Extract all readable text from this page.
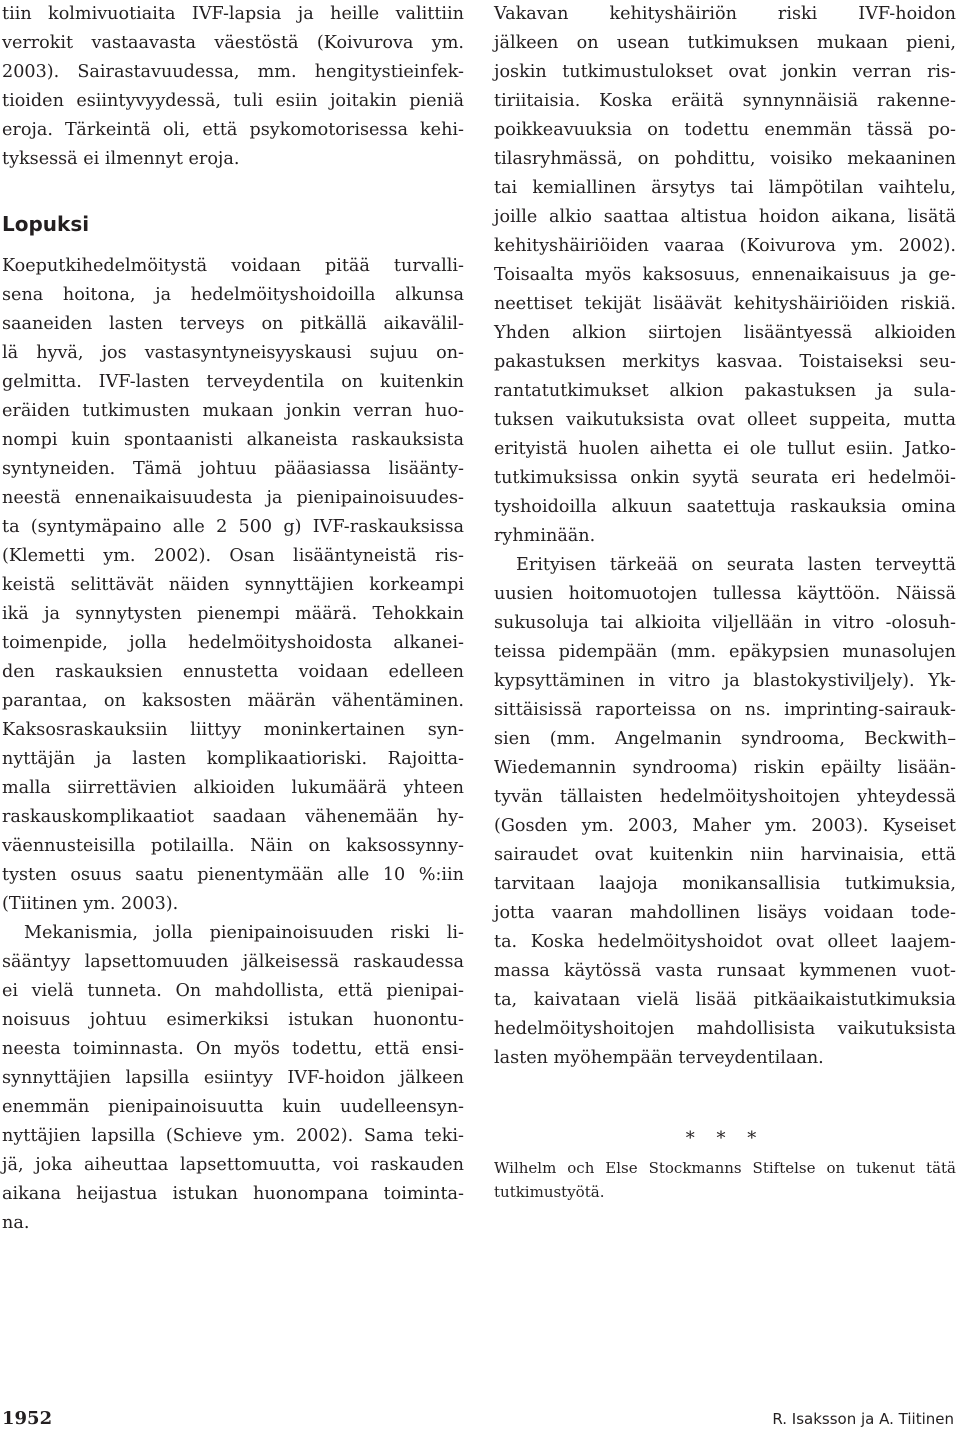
tiin kolmivuotiaita IVF-lapsia ja heille valittiin
verrokit vastaavasta väestöstä (Koivurova ym.
2003). Sairastavuudessa, mm. hengitystieinfek-
tioiden esiintyvyydessä, tuli esiin joitakin pieniä
eroja. Tärkeintä oli, että psykomotorisessa kehi-
tyksessä ei ilmennyt eroja.
Koeputkihedelmöitystä voidaan pitää turvalli-
sena hoitona, ja hedelmöityshoidoilla alkunsa
saaneiden lasten terveys on pitkällä aikavälil-
lä hyvä, jos vastasyntyneisyyskausi sujuu on-
gelmitta. IVF-lasten terveydentila on kuitenkin
eräiden tutkimusten mukaan jonkin verran huo-
nompi kuin spontaanisti alkaneista raskauksista
syntyneiden. Tämä johtuu pääasiassa lisäänty-
neestä ennenaikaisuudesta ja pienipainoisuudes-
ta (syntymäpaino alle 2 500 g) IVF-raskauksissa
(Klemetti ym. 2002). Osan lisääntyneistä ris-
keistä selittävät näiden synnyttäjien korkeampi
ikä ja synnytysten pienempi määrä. Tehokkain
toimenpide, jolla hedelmöityshoidosta alkanei-
den raskauksien ennustetta voidaan edelleen
parantaa, on kaksosten määrän vähentäminen.
Kaksosraskauksiin liittyy moninkertainen syn-
nyttäjän ja lasten komplikaatioriski. Rajoitta-
malla siirrettävien alkioiden lukumäärä yhteen
raskauskomplikaatiot saadaan vähenemään hy-
väennusteisilla potilailla. Näin on kaksossynny-
tysten osuus saatu pienentymään alle 10 %:iin
(Tiitinen ym. 2003).
Mekanismia, jolla pienipainoisuuden riski li-
sääntyy lapsettomuuden jälkeisessä raskaudessa
ei vielä tunneta. On mahdollista, että pienipai-
noisuus johtuu esimerkiksi istukan huonontu-
neesta toiminnasta. On myös todettu, että ensi-
synnyttäjien lapsilla esiintyy IVF-hoidon jälkeen
enemmän pienipainoisuutta kuin uudelleensyn-
nyttäjien lapsilla (Schieve ym. 2002). Sama teki-
jä, joka aiheuttaa lapsettomuutta, voi raskauden
aikana heijastua istukan huonompana toiminta-
na.
Lopuksi
Vakavan kehityshäiriön riski IVF-hoidon
jälkeen on usean tutkimuksen mukaan pieni,
joskin tutkimustulokset ovat jonkin verran ris-
tiriitaisia. Koska eräitä synnynnäisiä rakenne-
poikkeavuuksia on todettu enemmän tässä po-
tilasryhmässä, on pohdittu, voisiko mekaaninen
tai kemiallinen ärsytys tai lämpötilan vaihtelu,
joille alkio saattaa altistua hoidon aikana, lisätä
kehityshäiriöiden vaaraa (Koivurova ym. 2002).
Toisaalta myös kaksosuus, ennenaikaisuus ja ge-
neettiset tekijät lisäävät kehityshäiriöiden riskiä.
Yhden alkion siirtojen lisääntyessä alkioiden
pakastuksen merkitys kasvaa. Toistaiseksi seu-
rantatutkimukset alkion pakastuksen ja sula-
tuksen vaikutuksista ovat olleet suppeita, mutta
erityistä huolen aihetta ei ole tullut esiin. Jatko-
tutkimuksissa onkin syytä seurata eri hedelmöi-
tyshoidoilla alkuun saatettuja raskauksia omina
ryhminään.
Erityisen tärkeää on seurata lasten terveyttä
uusien hoitomuotojen tullessa käyttöön. Näissä
sukusoluja tai alkioita viljellään in vitro -olosuh-
teissa pidempään (mm. epäkypsien munasolujen
kypsyttäminen in vitro ja blastokystiviljely). Yk-
sittäisissä raporteissa on ns. imprinting-sairauk-
sien (mm. Angelmanin syndrooma, Beckwith–
Wiedemannin syndrooma) riskin epäilty lisään-
tyvän tällaisten hedelmöityshoitojen yhteydessä
(Gosden ym. 2003, Maher ym. 2003). Kyseiset
sairaudet ovat kuitenkin niin harvinaisia, että
tarvitaan laajoja monikansallisia tutkimuksia,
jotta vaaran mahdollinen lisäys voidaan tode-
ta. Koska hedelmöityshoidot ovat olleet laajem-
massa käytössä vasta runsaat kymmenen vuot-
ta, kaivataan vielä lisää pitkäaikaistutkimuksia
hedelmöityshoitojen mahdollisista vaikutuksista
lasten myöhempään terveydentilaan.
* * *
Wilhelm och Else Stockmanns Stiftelse on tukenut tätä
tutkimustyötä.
1952	R. Isaksson ja A. Tiitinen
